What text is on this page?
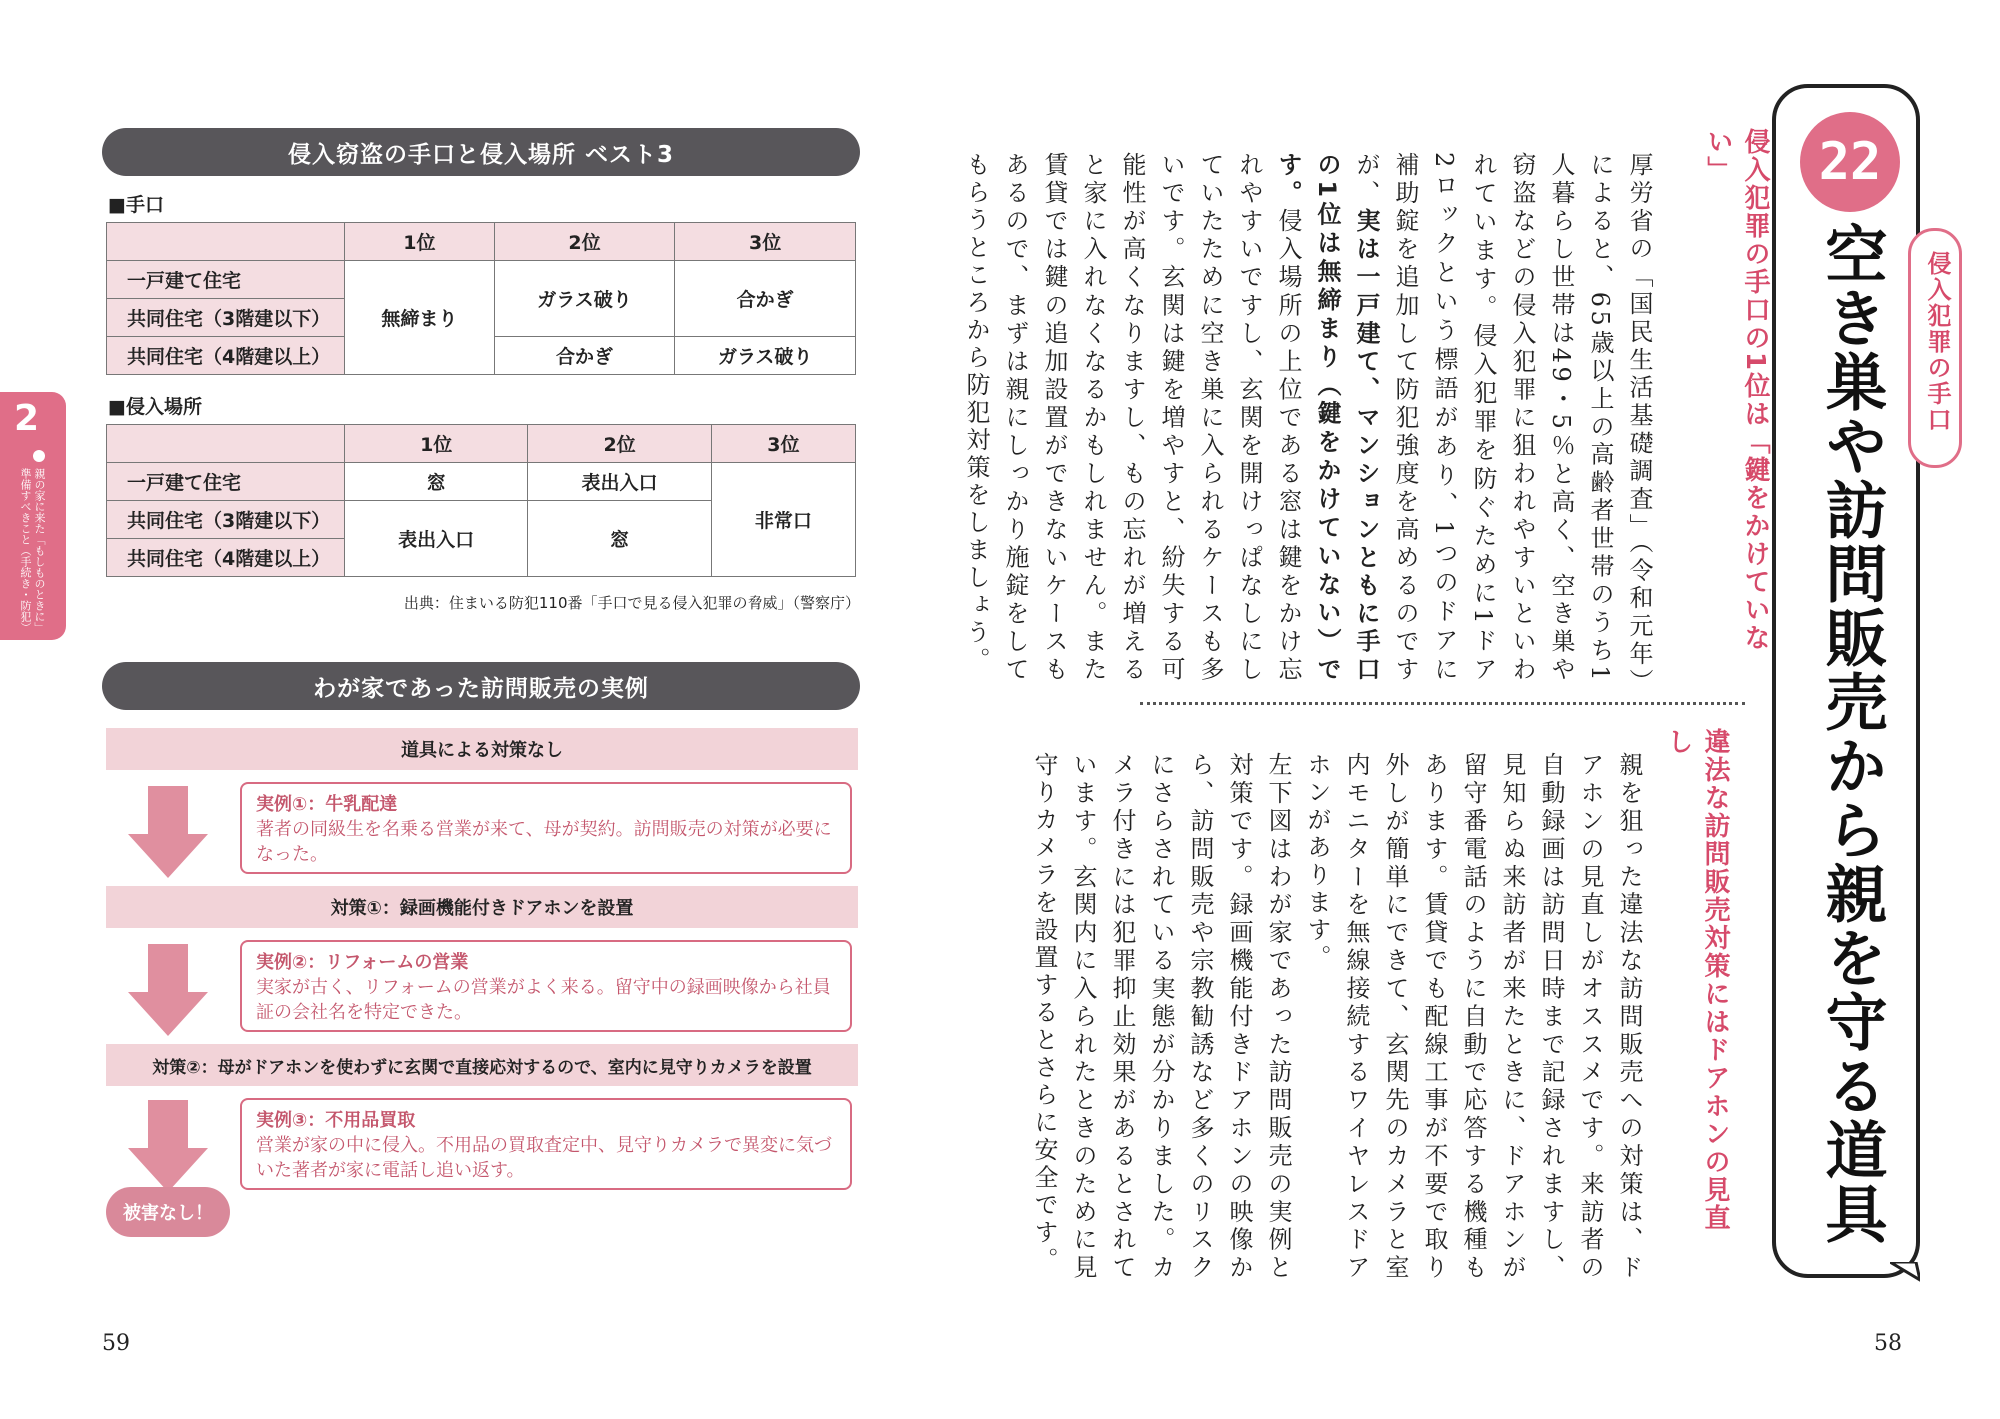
侵入窃盗の手口と侵入場所 ベスト3
■手口
	1位	2位	3位
一戸建て住宅	無締まり	ガラス破り	合かぎ
共同住宅（3階建以下）			
共同住宅（4階建以上）		合かぎ	ガラス破り
■侵入場所
	1位	2位	3位
一戸建て住宅	窓	表出入口	非常口
共同住宅（3階建以下）	表出入口	窓	
共同住宅（4階建以上）			
出典：住まいる防犯110番「手口で見る侵入犯罪の脅威」（警察庁）
わが家であった訪問販売の実例
道具による対策なし
実例①：牛乳配達
著者の同級生を名乗る営業が来て、母が契約。訪問販売の対策が必要になった。
対策①：録画機能付きドアホンを設置
実例②：リフォームの営業
実家が古く、リフォームの営業がよく来る。留守中の録画映像から社員証の会社名を特定できた。
対策②：母がドアホンを使わずに玄関で直接応対するので、室内に見守りカメラを設置
実例③：不用品買取
営業が家の中に侵入。不用品の買取査定中、見守りカメラで異変に気づいた著者が家に電話し追い返す。
被害なし！
2
親の家に来た「もしものときに」準備すべきこと（手続き・防犯）
59
22
空き巣や訪問販売から親を守る道具	侵入犯罪の手口
侵入犯罪の手口の1位は「鍵をかけていない」
厚労省の「国民生活基礎調査」（令和元年）によると、65歳以上の高齢者世帯のうち1人暮らし世帯は49・5％と高く、空き巣や窃盗などの侵入犯罪に狙われやすいといわれています。侵入犯罪を防ぐために1ドア2ロックという標語があり、1つのドアに補助錠を追加して防犯強度を高めるのですが、実は一戸建て、マンションともに手口の1位は無締まり（鍵をかけていない）です。侵入場所の上位である窓は鍵をかけ忘れやすいですし、玄関を開けっぱなしにしていたために空き巣に入られるケースも多いです。玄関は鍵を増やすと、紛失する可能性が高くなりますし、もの忘れが増えると家に入れなくなるかもしれません。また賃貸では鍵の追加設置ができないケースもあるので、まずは親にしっかり施錠をしてもらうところから防犯対策をしましょう。
違法な訪問販売対策にはドアホンの見直し
親を狙った違法な訪問販売への対策は、ドアホンの見直しがオススメです。来訪者の自動録画は訪問日時まで記録されますし、見知らぬ来訪者が来たときに、ドアホンが留守番電話のように自動で応答する機種もあります。賃貸でも配線工事が不要で取り外しが簡単にできて、玄関先のカメラと室内モニターを無線接続するワイヤレスドアホンがあります。
左下図はわが家であった訪問販売の実例と対策です。録画機能付きドアホンの映像から、訪問販売や宗教勧誘など多くのリスクにさらされている実態が分かりました。カメラ付きには犯罪抑止効果があるとされています。玄関内に入られたときのために見守りカメラを設置するとさらに安全です。
58
